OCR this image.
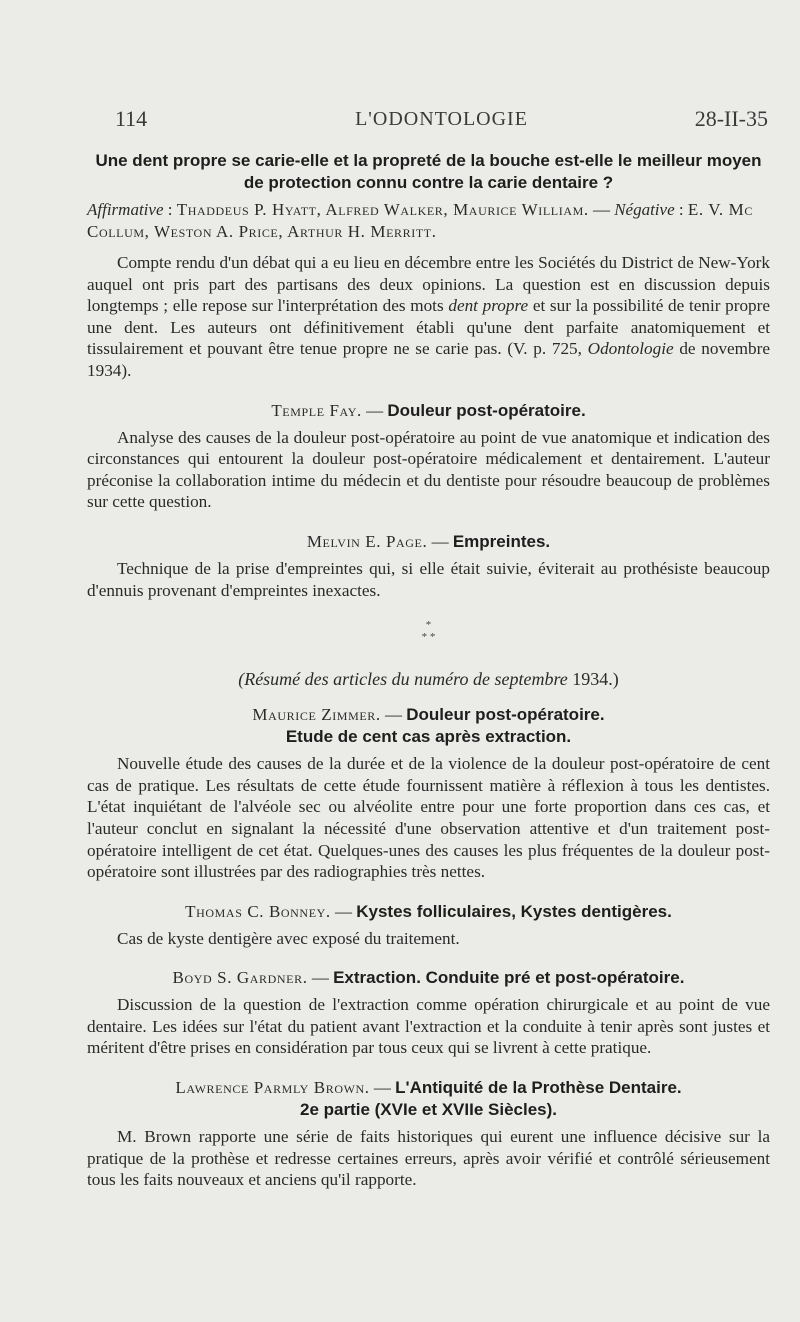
114	L'ODONTOLOGIE	28-II-35

Une dent propre se carie-elle et la propreté de la bouche est-elle le meilleur moyen de protection connu contre la carie dentaire ?

Affirmative : Thaddeus P. Hyatt, Alfred Walker, Maurice William. — Négative : E. V. Mc Collum, Weston A. Price, Arthur H. Merritt.

Compte rendu d'un débat qui a eu lieu en décembre entre les Sociétés du District de New-York auquel ont pris part des partisans des deux opinions. La question est en discussion depuis longtemps ; elle repose sur l'interprétation des mots dent propre et sur la possibilité de tenir propre une dent. Les auteurs ont définitivement établi qu'une dent parfaite anatomiquement et tissulairement et pouvant être tenue propre ne se carie pas. (V. p. 725, Odontologie de novembre 1934).

Temple Fay. — Douleur post-opératoire.

Analyse des causes de la douleur post-opératoire au point de vue anatomique et indication des circonstances qui entourent la douleur post-opératoire médicalement et dentairement. L'auteur préconise la collaboration intime du médecin et du dentiste pour résoudre beaucoup de problèmes sur cette question.

Melvin E. Page. — Empreintes.

Technique de la prise d'empreintes qui, si elle était suivie, éviterait au prothésiste beaucoup d'ennuis provenant d'empreintes inexactes.

*

* *

(Résumé des articles du numéro de septembre 1934.)

Maurice Zimmer. — Douleur post-opératoire.

Etude de cent cas après extraction.

Nouvelle étude des causes de la durée et de la violence de la douleur post-opératoire de cent cas de pratique. Les résultats de cette étude fournissent matière à réflexion à tous les dentistes. L'état inquiétant de l'alvéole sec ou alvéolite entre pour une forte proportion dans ces cas, et l'auteur conclut en signalant la nécessité d'une observation attentive et d'un traitement post-opératoire intelligent de cet état. Quelques-unes des causes les plus fréquentes de la douleur post-opératoire sont illustrées par des radiographies très nettes.

Thomas C. Bonney. — Kystes folliculaires, Kystes dentigères.

Cas de kyste dentigère avec exposé du traitement.

Boyd S. Gardner. — Extraction. Conduite pré et post-opératoire.

Discussion de la question de l'extraction comme opération chirurgicale et au point de vue dentaire. Les idées sur l'état du patient avant l'extraction et la conduite à tenir après sont justes et méritent d'être prises en considération par tous ceux qui se livrent à cette pratique.

Lawrence Parmly Brown. — L'Antiquité de la Prothèse Dentaire.

2e partie (XVIe et XVIIe Siècles).

M. Brown rapporte une série de faits historiques qui eurent une influence décisive sur la pratique de la prothèse et redresse certaines erreurs, après avoir vérifié et contrôlé sérieusement tous les faits nouveaux et anciens qu'il rapporte.
